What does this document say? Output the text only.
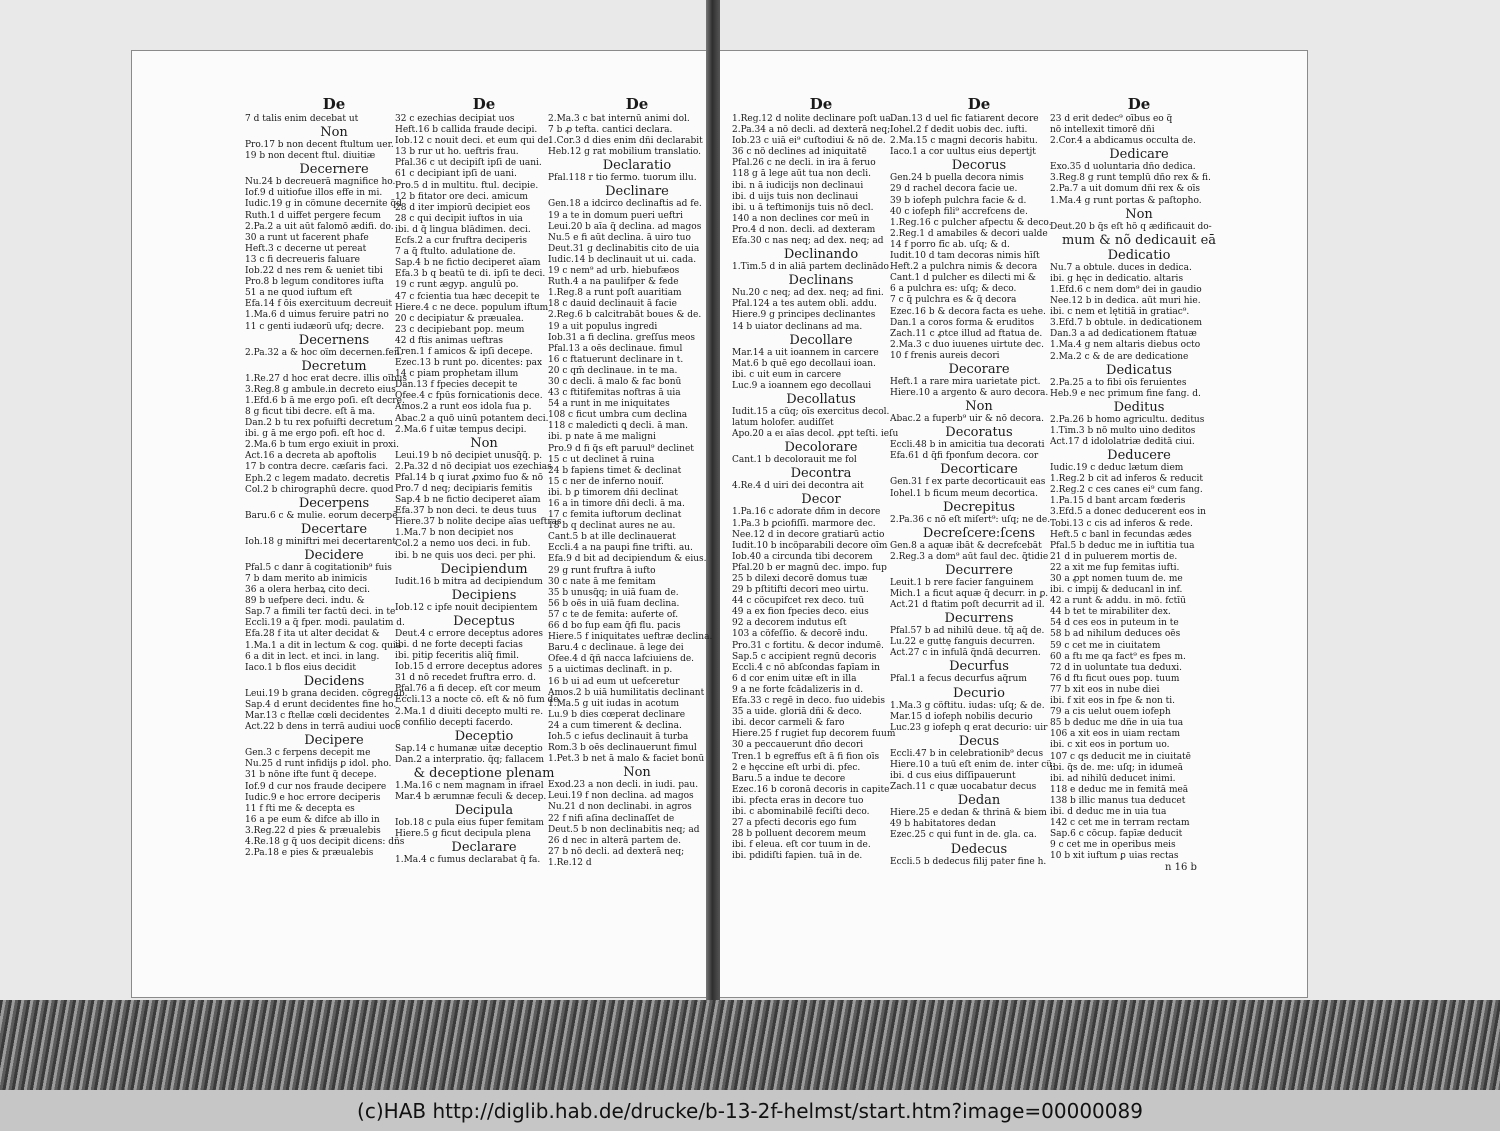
De
7 d talis enim decebat ut
Non
Pro.17 b non decent ftultum uer.
19 b non decent ftul. diuitiæ
Decernere
Nu.24 b decreuerā magnifice ho.
Iof.9 d uitiofue illos effe in mi.
Iudic.19 g in cõmune decernite q̃d
Ruth.1 d uiffet pergere fecum
2.Pa.2 a uit aūt falomõ ædifi. do.
30 a runt ut facerent phafe
Heft.3 c decerne ut pereat
13 c fi decreueris faluare
Iob.22 d nes rem & ueniet tibi
Pro.8 b legum conditores iufta
51 a ne quod iuftum eft
Efa.14 f õis exercituum decreuit
1.Ma.6 d uimus feruire patri no
11 c genti iudæorũ ufq; decre.
Decernens
2.Pa.32 a & hoc oĩm decernen.fen.
Decretum
1.Re.27 d hoc erat decre. illis oĩbus
3.Reg.8 g ambule.in decreto eius
1.Efd.6 b ā me ergo poſi. eſt decre.
8 g ficut tibi decre. eſt ā ma.
Dan.2 b tu rex pofuifti decretum
ibi. g ā me ergo pofi. eſt hoc d.
2.Ma.6 b tum ergo exiuit in proxi.
Act.16 a decreta ab apoftolis
17 b contra decre. cæſaris faci.
Eph.2 c legem madato. decretis
Col.2 b chirographū decre. quod
Decerpens
Baru.6 c & mulie. eorum decerpē.
Decertare
Ioh.18 g miniftri mei decertarent
Decidere
Pfal.5 c danr ā cogitationib⁹ fuis
7 b dam merito ab inimicis
36 a olera herbaꝝ cito deci.
89 b uefpere deci. indu. &
Sap.7 a fimili ter factū deci. in te
Eccli.19 a q̃ fper. modi. paulatim d.
Efa.28 f ita ut alter decidat &
1.Ma.1 a dit in lectum & cog. quia
6 a dit in lect. et inci. in lang.
Iaco.1 b flos eius decidit
Decidens
Leui.19 b grana deciden. cõgregab.
Sap.4 d erunt decidentes fine ho.
Mar.13 c ftellæ cœli decidentes
Act.22 b dens in terrā audiui uoce
Decipere
Gen.3 c ferpens decepit me
Nu.25 d runt infidijs ꝑ idol. pho.
31 b nõne ifte funt q̃ decepe.
Iof.9 d cur nos fraude decipere
Iudic.9 e hoc errore deciperis
11 f fti me & decepta es
16 a pe eum & difce ab illo in
3.Reg.22 d pies & præualebis
4.Re.18 g q̃ uos decipit dicens: dñs
2.Pa.18 e pies & præualebis
De
32 c ezechias decipiat uos
Heft.16 b callida fraude decipi.
Iob.12 c nouit deci. et eum qui de.
13 b rur ut ho. ueftris frau.
Pfal.36 c ut decipiſt ipſi de uani.
61 c decipiant ipſi de uani.
Pro.5 d in multitu. ftul. decipie.
12 b fitator ore deci. amicum
28 d iter impiorū decipiet eos
28 c qui decipit iuftos in uia
ibi. d q̃ lingua blādimen. deci.
Ecfs.2 a cur fruftra deciperis
7 a q̃ ftulto. adulatione de.
Sap.4 b ne fictio deciperet aīam
Efa.3 b q beatū te di. ipſi te deci.
19 c runt ægyp. angulū po.
47 c fcientia tua hæc decepit te
Hiere.4 c ne dece. populum iftum
20 c decipiatur & præualea.
23 c decipiebant pop. meum
42 d ftis animas ueftras
Tren.1 f amicos & ipſi decepe.
Ezec.13 b runt po. dicentes: pax
14 c piam prophetam illum
Dan.13 f fpecies decepit te
Ofee.4 c fpūs fornicationis dece.
Amos.2 a runt eos idola fua p.
Abac.2 a quõ uinū potantem deci.
2.Ma.6 f uitæ tempus decipi.
Non
Leui.19 b nõ decipiet unusq̃q̃. p.
2.Pa.32 d nõ decipiat uos ezechias
Pfal.14 b q iurat ꝓximo fuo & nõ
Pro.7 d neq; decipiaris femitis
Sap.4 b ne fictio deciperet aīam
Efa.37 b non deci. te deus tuus
Hiere.37 b nolite decipe aīas ueftras
1.Ma.7 b non decipiet nos
Col.2 a nemo uos deci. in fub.
ibi. b ne quis uos deci. per phi.
Decipiendum
Iudit.16 b mitra ad decipiendum
Decipiens
Iob.12 c ipfe nouit decipientem
Deceptus
Deut.4 c errore deceptus adores
ibi. d ne forte decepti facias
ibi. pitiꝑ feceritis aliq̃ fimil.
Iob.15 d errore deceptus adores
31 d nõ recedet fruftra erro. d.
Pfal.76 a fi decep. eſt cor meum
Eccli.13 a nocte cõ. eſt & nõ fum de.
2.Ma.1 d diuiti decepto multi re.
c confilio decepti facerdo.
Deceptio
Sap.14 c humanæ uitæ deceptio
Dan.2 a interpratio. q̃q; fallacem
& deceptione plenam
1.Ma.16 c nem magnam in ifrael
Mar.4 b ærumnæ feculi & decep.
Decipula
Iob.18 c pula eius fuper femitam
Hiere.5 g ficut decipula plena
Declarare
1.Ma.4 c fumus declarabat q̃ fa.
De
2.Ma.3 c bat internū animi dol.
7 b ꝓ tefta. cantici declara.
1.Cor.3 d dies enim dñi declarabit
Heb.12 g rat mobilium translatio.
Declaratio
Pfal.118 r tio fermo. tuorum illu.
Declinare
Gen.18 a idcirco declinaftis ad fe.
19 a te in domum pueri ueftri
Leui.20 b aīa q̃ declina. ad magos
Nu.5 e fi aūt declina. ā uiro tuo
Deut.31 g declinabitis cito de uia
Iudic.14 b declinauit ut ui. cada.
19 c nem⁹ ad urb. hiebufæos
Ruth.4 a na paulifper & fede
1.Reg.8 a runt poſt auaritiam
18 c dauid declinauit ā facie
2.Reg.6 b calcitrabāt boues & de.
19 a uit populus ingredi
Iob.31 a fi declina. greſſus meos
Pfal.13 a oēs declinaue. fimul
16 c ftatuerunt declinare in t.
20 c qm̄ declinaue. in te ma.
30 c decli. ā malo & fac bonū
43 c ftitifemitas noftras ā uia
54 a runt in me iniquitates
108 c ficut umbra cum declina
118 c maledicti ꝗ decli. ā man.
ibi. p nate ā me maligni
Pro.9 d fi q̃s eft paruul⁹ declinet
15 c ut declinet ā ruina
24 b fapiens timet & declinat
15 c ner de inferno nouif.
ibi. b ꝑ timorem dñi declinat
16 a in timore dñi decli. ā ma.
17 c femita iuftorum declinat
18 b q declinat aures ne au.
Cant.5 b at ille declinauerat
Eccli.4 a na paupi fine trifti. au.
Efa.9 d bit ad decipiendum & eius.
29 g runt fruftra ā iufto
30 c nate ā me femitam
35 b unusq̃q; in uiā fuam de.
56 b oēs in uiā fuam declina.
57 c te de femita: auferte of.
66 d bo fup eam q̃fi flu. pacis
Hiere.5 f iniquitates ueftræ declina.
Baru.4 c declinaue. ā lege dei
Ofee.4 d q̃ñ nacca lafciuiens de.
5 a uictimas declinaft. in p.
16 b ui ad eum ut uefceretur
Amos.2 b uiā humilitatis declinant
1.Ma.5 g uit iudas in acotum
Lu.9 b dies cœperat declinare
24 a cum timerent & declina.
Ioh.5 c iefus declinauit ā turba
Rom.3 b oēs declinauerunt fimul
1.Pet.3 b net ā malo & faciet bonū
Non
Exod.23 a non decli. in iudi. pau.
Leui.19 f non declina. ad magos
Nu.21 d non declinabi. in agros
22 f nifi aſina declinaſſet de
Deut.5 b non declinabitis neq; ad
26 d nec in alterā partem de.
27 b nõ decli. ad dexterā neq;
1.Re.12 d
De
1.Reg.12 d nolite declinare poſt ua.
2.Pa.34 a nõ decli. ad dexterā neq;
Iob.23 c uiā ei⁹ cuſtodiui & nõ de.
36 c nõ declines ad iniquitatē
Pfal.26 c ne decli. in ira ā feruo
118 g ā lege aūt tua non decli.
ibi. n ā iudicijs non declinaui
ibi. d uijs tuis non declinaui
ibi. u ā teftimonijs tuis nõ decl.
140 a non declines cor meū in
Pro.4 d non. decli. ad dexteram
Efa.30 c nas neq; ad dex. neq; ad
Declinando
1.Tim.5 d in aliā partem declinādo
Declinans
Nu.20 c neq; ad dex. neq; ad fini.
Pfal.124 a tes autem obli. addu.
Hiere.9 g principes declinantes
14 b uiator declinans ad ma.
Decollare
Mar.14 a uit ioannem in carcere
Mat.6 b quē ego decollaui ioan.
ibi. c uit eum in carcere
Luc.9 a ioannem ego decollaui
Decollatus
Iudit.15 a cũq; oīs exercitus decol.
latum holofer. audiſſet
Apo.20 a eı aīas decol. ꝓpt teſti. ieſu
Decolorare
Cant.1 b decolorauit me fol
Decontra
4.Re.4 d uiri dei decontra ait
Decor
1.Pa.16 c adorate dñm in decore
1.Pa.3 b ꝑciofiſſi. marmore dec.
Nee.12 d in decore gratiarū actio
Iudit.10 b incõparabili decore oīm
Iob.40 a circunda tibi decorem
Pfal.20 b er magnū dec. impo. fup
25 b dilexi decorē domus tuæ
29 b pſtitifti decori meo uirtu.
44 c cõcupifcet rex deco. tuū
49 a ex fion fpecies deco. eius
92 a decorem indutus eſt
103 a cõfeſſio. & decorē indu.
Pro.31 c fortitu. & decor indumē.
Sap.5 c accipient regnū decoris
Eccli.4 c nõ abſcondas fapīam in
6 d cor enim uitæ eſt in illa
9 a ne forte fcādalizeris in d.
Efa.33 c regē in deco. fuo uidebis
35 a uide. gloriā dñi & deco.
ibi. decor carmeli & faro
Hiere.25 f rugiet fup decorem fuum
30 a peccauerunt dño decori
Tren.1 b egreffus eſt ā fi fion oīs
2 e hęccine eſt urbi di. pfec.
Baru.5 a indue te decore
Ezec.16 b coronā decoris in capite
ibi. pfecta eras in decore tuo
ibi. c abominabilē feciſti deco.
27 a pfecti decoris ego fum
28 b polluent decorem meum
ibi. f eleua. eſt cor tuum in de.
ibi. pdidiſti fapien. tuā in de.
De
Dan.13 d uel fic fatiarent decore
Iohel.2 f dedit uobis dec. iufti.
2.Ma.15 c magni decoris habitu.
Iaco.1 a cor uultus eius depertjt
Decorus
Gen.24 b puella decora nimis
29 d rachel decora facie ue.
39 b iofeph pulchra facie & d.
40 c iofeph fili⁹ accrefcens de.
1.Reg.16 c pulcher afpectu & deco.
2.Reg.1 d amabiles & decori ualde
14 f porro fīc ab. uſq; & d.
Iudit.10 d tam decoras nimis hīſt
Heft.2 a pulchra nimis & decora
Cant.1 d pulcher es dilecti mi &
6 a pulchra es: uſq; & deco.
7 c q̃ pulchra es & q̃ decora
Ezec.16 b & decora facta es uehe.
Dan.1 a coros forma & eruditos
Zach.11 c ꝓtce illud ad ftatua de.
2.Ma.3 c duo iuuenes uirtute dec.
10 f frenis aureis decori
Decorare
Heft.1 a rare mira uarietate pict.
Hiere.10 a argento & auro decora.
Non
Abac.2 a fuperb⁹ uir & nõ decora.
Decoratus
Eccli.48 b in amicitia tua decorati
Efa.61 d q̃fi fponfum decora. cor
Decorticare
Gen.31 f ex parte decorticauit eas
Iohel.1 b ficum meum decortica.
Decrepitus
2.Pa.36 c nõ eſt miſert⁹: uſq; ne de.
Decreſcere:ſcens
Gen.8 a aquæ ibāt & decrefcebāt
2.Reg.3 a dom⁹ aūt faul dec. q̃tidie
Decurrere
Leuit.1 b rere facier fanguinem
Mich.1 a ficut aquæ q̃ decurr. in ꝑ.
Act.21 d ftatim poſt decurrit ad il.
Decurrens
Pfal.57 b ad nihilū deue. t̃q̃ aq̃ de.
Lu.22 e guttę fanguis decurren.
Act.27 c in infulā q̃ndā decurren.
Decurfus
Pfal.1 a fecus decurfus aq̃rum
Decurio
1.Ma.3 g cõftitu. iudas: uſq; & de.
Mar.15 d iofeph nobilis decurio
Luc.23 g iofeph q erat decurio: uir
Decus
Eccli.47 b in celebrationib⁹ decus
Hiere.10 a tuū eſt enim de. inter cũ.
ibi. d cus eius diſſipauerunt
Zach.11 c quæ uocabatur decus
Dedan
Hiere.25 e dedan & thrinā & biem
49 b habitatores dedan
Ezec.25 c qui funt in de. gla. ca.
Dedecus
Eccli.5 b dedecus filij pater fine h.
De
23 d erit dedec⁹ oībus eo q̃
nõ intellexit timorē dñi
2.Cor.4 a abdicamus occulta de.
Dedicare
Exo.35 d uoluntaria dño dedica.
3.Reg.8 g runt templū dño rex & fi.
2.Pa.7 a uit domum dñi rex & oīs
1.Ma.4 g runt portas & paſtopho.
Non
Deut.20 b q̃s eſt hõ q ædificauit do-
mum & nõ dedicauit eā
Dedicatio
Nu.7 a obtule. duces in dedica.
ibi. g hęc in dedicatio. altaris
1.Efd.6 c nem dom⁹ dei in gaudio
Nee.12 b in dedica. aūt muri hie.
ibi. c nem et lętitiā in gratiac⁹.
3.Efd.7 b obtule. in dedicationem
Dan.3 a ad dedicationem ftatuæ
1.Ma.4 g nem altaris diebus octo
2.Ma.2 c & de are dedicatione
Dedicatus
2.Pa.25 a to fibi oīs feruientes
Heb.9 e nec primum fine fang. d.
Deditus
2.Pa.26 b homo agricultu. deditus
1.Tim.3 b nõ multo uino deditos
Act.17 d idololatriæ deditā ciui.
Deducere
Iudic.19 c deduc lætum diem
1.Reg.2 b cit ad inferos & reducit
2.Reg.2 c ces canes ei⁹ cum fang.
1.Pa.15 d bant arcam fœderis
3.Efd.5 a donec deducerent eos in
Tobi.13 c cis ad inferos & rede.
Heft.5 c banl in fecundas ædes
Pfal.5 b deduc me in iuftitia tua
21 d in puluerem mortis de.
22 a xit me fup femitas iufti.
30 a ꝓpt nomen tuum de. me
ibi. c impij & deducanl in inf.
42 a runt & addu. in mõ. fctīū
44 b tet te mirabiliter dex.
54 d ces eos in puteum in te
58 b ad nihilum deduces oēs
59 c cet me in ciuitatem
60 a ftı me qa fact⁹ es fpes m.
72 d in uoluntate tua deduxi.
76 d ftı ficut oues pop. tuum
77 b xit eos in nube diei
ibi. f xit eos in fpe & non ti.
79 a cis uelut ouem iofeph
85 b deduc me dñe in uia tua
106 a xit eos in uiam rectam
ibi. c xit eos in portum uo.
107 c qs deducit me in ciuitatē
ibi. q̃s de. me: uſq; in idumeā
ibi. ad nihilū deducet inimi.
118 e deduc me in femitā meā
138 b illic manus tua deducet
ibi. d deduc me in uia tua
142 c cet me in terram rectam
Sap.6 c cõcup. fapīæ deducit
9 c cet me in operibus meis
10 b xit iuftum ꝑ uias rectas
n 16 b
(c)HAB http://diglib.hab.de/drucke/b-13-2f-helmst/start.htm?image=00000089
